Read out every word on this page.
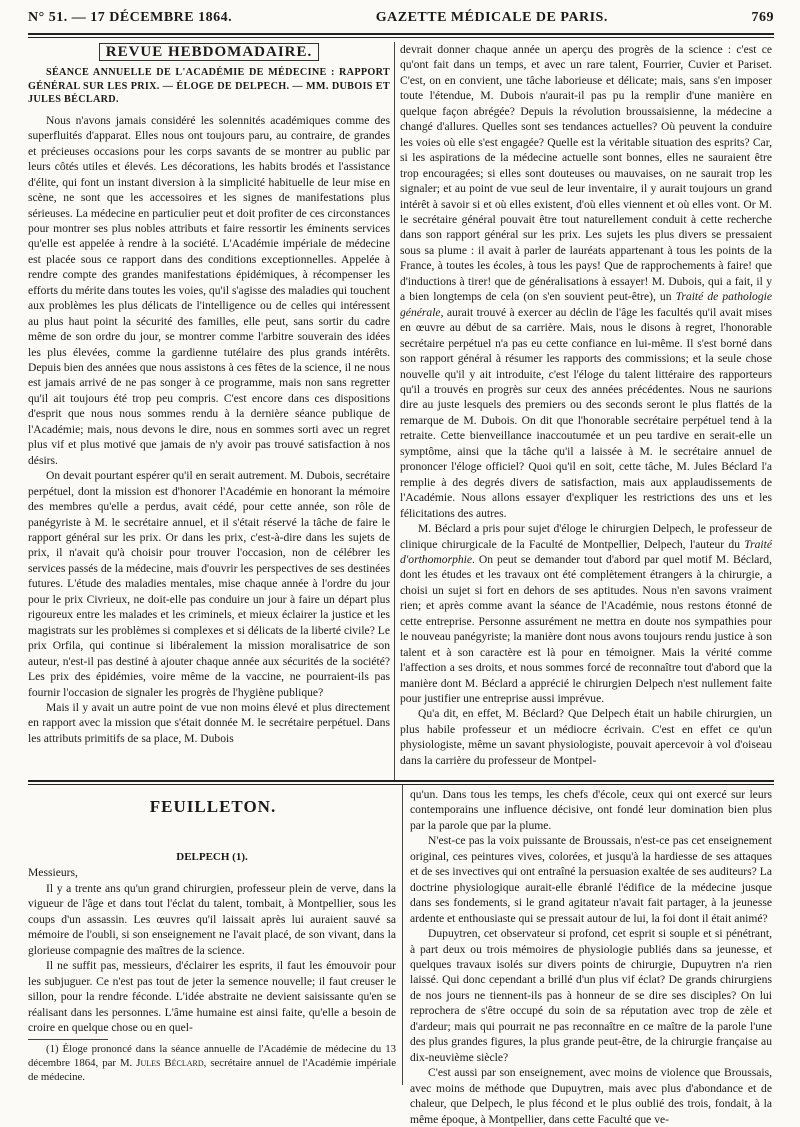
N° 51. — 17 DÉCEMBRE 1864.	GAZETTE MÉDICALE DE PARIS.	769
REVUE HEBDOMADAIRE.

SÉANCE ANNUELLE DE L'ACADÉMIE DE MÉDECINE : RAPPORT GÉNÉRAL SUR LES PRIX. — ÉLOGE DE DELPECH. — MM. DUBOIS ET JULES BÉCLARD.

Nous n'avons jamais considéré les solennités académiques comme des superfluités d'apparat. Elles nous ont toujours paru, au contraire, de grandes et précieuses occasions pour les corps savants de se montrer au public par leurs côtés utiles et élevés. Les décorations, les habits brodés et l'assistance d'élite, qui font un instant diversion à la simplicité habituelle de leur mise en scène, ne sont que les accessoires et les signes de manifestations plus sérieuses. La médecine en particulier peut et doit profiter de ces circonstances pour montrer ses plus nobles attributs et faire ressortir les éminents services qu'elle est appelée à rendre à la société. L'Académie impériale de médecine est placée sous ce rapport dans des conditions exceptionnelles. Appelée à rendre compte des grandes manifestations épidémiques, à récompenser les efforts du mérite dans toutes les voies, qu'il s'agisse des maladies qui touchent aux problèmes les plus délicats de l'intelligence ou de celles qui intéressent au plus haut point la sécurité des familles, elle peut, sans sortir du cadre même de son ordre du jour, se montrer comme l'arbitre souverain des idées les plus élevées, comme la gardienne tutélaire des plus grands intérêts. Depuis bien des années que nous assistons à ces fêtes de la science, il ne nous est jamais arrivé de ne pas songer à ce programme, mais non sans regretter qu'il ait toujours été trop peu compris. C'est encore dans ces dispositions d'esprit que nous nous sommes rendu à la dernière séance publique de l'Académie; mais, nous devons le dire, nous en sommes sorti avec un regret plus vif et plus motivé que jamais de n'y avoir pas trouvé satisfaction à nos désirs.

On devait pourtant espérer qu'il en serait autrement. M. Dubois, secrétaire perpétuel, dont la mission est d'honorer l'Académie en honorant la mémoire des membres qu'elle a perdus, avait cédé, pour cette année, son rôle de panégyriste à M. le secrétaire annuel, et il s'était réservé la tâche de faire le rapport général sur les prix. Or dans les prix, c'est-à-dire dans les sujets de prix, il n'avait qu'à choisir pour trouver l'occasion, non de célébrer les services passés de la médecine, mais d'ouvrir les perspectives de ses destinées futures. L'étude des maladies mentales, mise chaque année à l'ordre du jour pour le prix Civrieux, ne doit-elle pas conduire un jour à faire un départ plus rigoureux entre les malades et les criminels, et mieux éclairer la justice et les magistrats sur les problèmes si complexes et si délicats de la liberté civile? Le prix Orfila, qui continue si libéralement la mission moralisatrice de son auteur, n'est-il pas destiné à ajouter chaque année aux sécurités de la société? Les prix des épidémies, voire même de la vaccine, ne pourraient-ils pas fournir l'occasion de signaler les progrès de l'hygiène publique?

Mais il y avait un autre point de vue non moins élevé et plus directement en rapport avec la mission que s'était donnée M. le secrétaire perpétuel. Dans les attributs primitifs de sa place, M. Dubois

devrait donner chaque année un aperçu des progrès de la science : c'est ce qu'ont fait dans un temps, et avec un rare talent, Fourrier, Cuvier et Pariset. C'est, on en convient, une tâche laborieuse et délicate; mais, sans s'en imposer toute l'étendue, M. Dubois n'aurait-il pas pu la remplir d'une manière en quelque façon abrégée? Depuis la révolution broussaisienne, la médecine a changé d'allures. Quelles sont ses tendances actuelles? Où peuvent la conduire les voies où elle s'est engagée? Quelle est la véritable situation des esprits? Car, si les aspirations de la médecine actuelle sont bonnes, elles ne sauraient être trop encouragées; si elles sont douteuses ou mauvaises, on ne saurait trop les signaler; et au point de vue seul de leur inventaire, il y aurait toujours un grand intérêt à savoir si et où elles existent, d'où elles viennent et où elles vont. Or M. le secrétaire général pouvait être tout naturellement conduit à cette recherche dans son rapport général sur les prix. Les sujets les plus divers se pressaient sous sa plume : il avait à parler de lauréats appartenant à tous les points de la France, à toutes les écoles, à tous les pays! Que de rapprochements à faire! que d'inductions à tirer! que de généralisations à essayer! M. Dubois, qui a fait, il y a bien longtemps de cela (on s'en souvient peut-être), un Traité de pathologie générale, aurait trouvé à exercer au déclin de l'âge les facultés qu'il avait mises en œuvre au début de sa carrière. Mais, nous le disons à regret, l'honorable secrétaire perpétuel n'a pas eu cette confiance en lui-même. Il s'est borné dans son rapport général à résumer les rapports des commissions; et la seule chose nouvelle qu'il y ait introduite, c'est l'éloge du talent littéraire des rapporteurs qu'il a trouvés en progrès sur ceux des années précédentes. Nous ne saurions dire au juste lesquels des premiers ou des seconds seront le plus flattés de la remarque de M. Dubois. On dit que l'honorable secrétaire perpétuel tend à la retraite. Cette bienveillance inaccoutumée et un peu tardive en serait-elle un symptôme, ainsi que la tâche qu'il a laissée à M. le secrétaire annuel de prononcer l'éloge officiel? Quoi qu'il en soit, cette tâche, M. Jules Béclard l'a remplie à des degrés divers de satisfaction, mais aux applaudissements de l'Académie. Nous allons essayer d'expliquer les restrictions des uns et les félicitations des autres.

M. Béclard a pris pour sujet d'éloge le chirurgien Delpech, le professeur de clinique chirurgicale de la Faculté de Montpellier, Delpech, l'auteur du Traité d'orthomorphie. On peut se demander tout d'abord par quel motif M. Béclard, dont les études et les travaux ont été complètement étrangers à la chirurgie, a choisi un sujet si fort en dehors de ses aptitudes. Nous n'en savons vraiment rien; et après comme avant la séance de l'Académie, nous restons étonné de cette entreprise. Personne assurément ne mettra en doute nos sympathies pour le nouveau panégyriste; la manière dont nous avons toujours rendu justice à son talent et à son caractère est là pour en témoigner. Mais la vérité comme l'affection a ses droits, et nous sommes forcé de reconnaître tout d'abord que la manière dont M. Béclard a apprécié le chirurgien Delpech n'est nullement faite pour justifier une entreprise aussi imprévue.

Qu'a dit, en effet, M. Béclard? Que Delpech était un habile chirurgien, un plus habile professeur et un médiocre écrivain. C'est en effet ce qu'un physiologiste, même un savant physiologiste, pouvait apercevoir à vol d'oiseau dans la carrière du professeur de Montpel-

FEUILLETON.

DELPECH (1).

Messieurs,

Il y a trente ans qu'un grand chirurgien, professeur plein de verve, dans la vigueur de l'âge et dans tout l'éclat du talent, tombait, à Montpellier, sous les coups d'un assassin. Les œuvres qu'il laissait après lui auraient sauvé sa mémoire de l'oubli, si son enseignement ne l'avait placé, de son vivant, dans la glorieuse compagnie des maîtres de la science.

Il ne suffit pas, messieurs, d'éclairer les esprits, il faut les émouvoir pour les subjuguer. Ce n'est pas tout de jeter la semence nouvelle; il faut creuser le sillon, pour la rendre féconde. L'idée abstraite ne devient saisissante qu'en se réalisant dans les personnes. L'âme humaine est ainsi faite, qu'elle a besoin de croire en quelque chose ou en quel-

(1) Éloge prononcé dans la séance annuelle de l'Académie de médecine du 13 décembre 1864, par M. Jules Béclard, secrétaire annuel de l'Académie impériale de médecine.

qu'un. Dans tous les temps, les chefs d'école, ceux qui ont exercé sur leurs contemporains une influence décisive, ont fondé leur domination bien plus par la parole que par la plume.

N'est-ce pas la voix puissante de Broussais, n'est-ce pas cet enseignement original, ces peintures vives, colorées, et jusqu'à la hardiesse de ses attaques et de ses invectives qui ont entraîné la persuasion exaltée de ses auditeurs? La doctrine physiologique aurait-elle ébranlé l'édifice de la médecine jusque dans ses fondements, si le grand agitateur n'avait fait partager, à la jeunesse ardente et enthousiaste qui se pressait autour de lui, la foi dont il était animé?

Dupuytren, cet observateur si profond, cet esprit si souple et si pénétrant, à part deux ou trois mémoires de physiologie publiés dans sa jeunesse, et quelques travaux isolés sur divers points de chirurgie, Dupuytren n'a rien laissé. Qui donc cependant a brillé d'un plus vif éclat? De grands chirurgiens de nos jours ne tiennent-ils pas à honneur de se dire ses disciples? On lui reprochera de s'être occupé du soin de sa réputation avec trop de zèle et d'ardeur; mais qui pourrait ne pas reconnaître en ce maître de la parole l'une des plus grandes figures, la plus grande peut-être, de la chirurgie française au dix-neuvième siècle?

C'est aussi par son enseignement, avec moins de violence que Broussais, avec moins de méthode que Dupuytren, mais avec plus d'abondance et de chaleur, que Delpech, le plus fécond et le plus oublié des trois, fondait, à la même époque, à Montpellier, dans cette Faculté que ve-
